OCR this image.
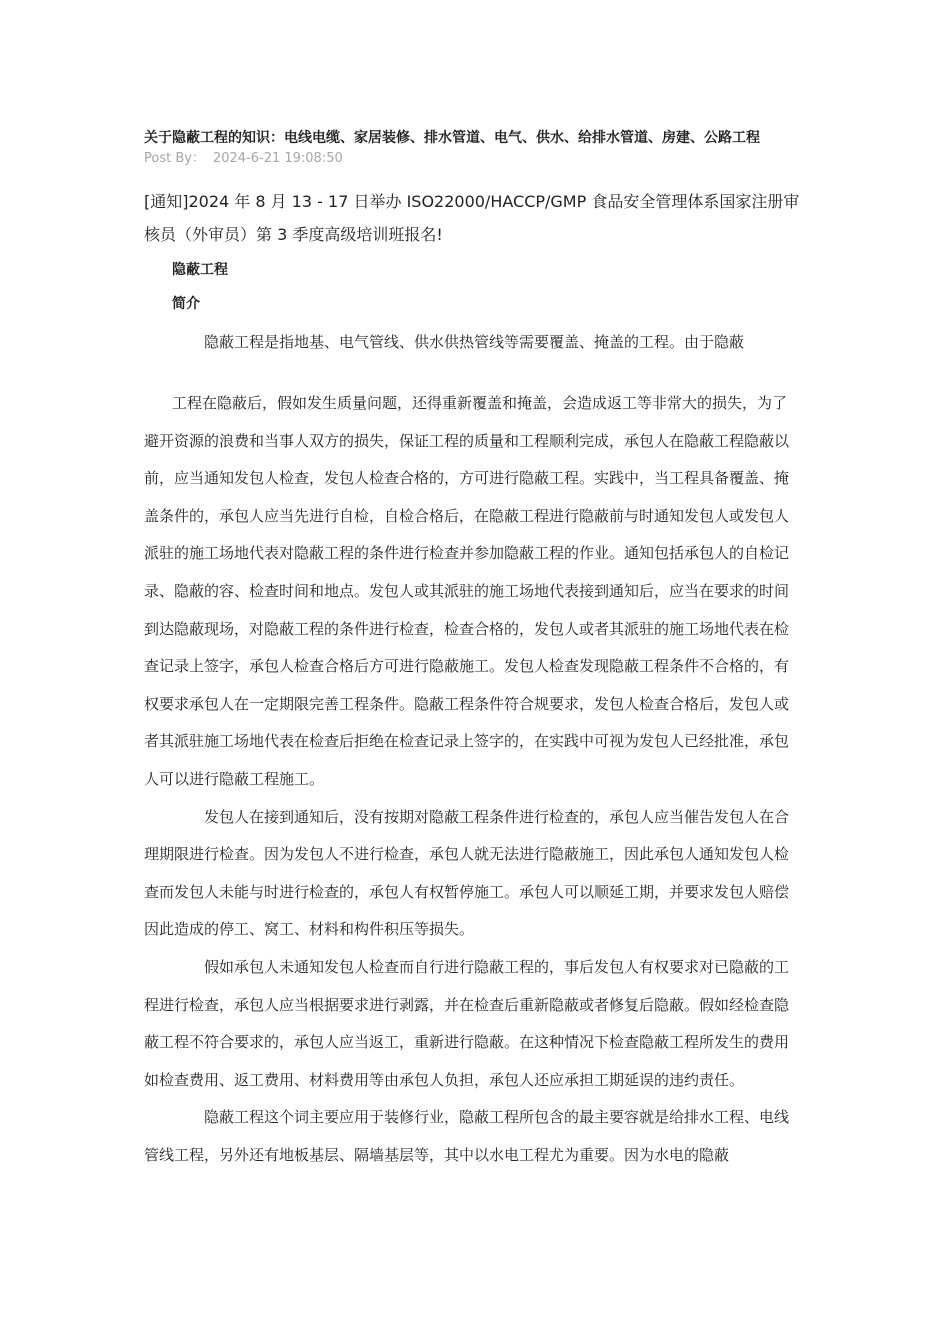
关于隐蔽工程的知识：电线电缆、家居装修、排水管道、电气、供水、给排水管道、房建、公路工程
Post By： 2024-6-21 19:08:50

[通知]2024 年 8 月 13 - 17 日举办 ISO22000/HACCP/GMP 食品安全管理体系国家注册审核员（外审员）第 3 季度高级培训班报名!

隐蔽工程
简介

隐蔽工程是指地基、电气管线、供水供热管线等需要覆盖、掩盖的工程。由于隐蔽

工程在隐蔽后，假如发生质量问题，还得重新覆盖和掩盖，会造成返工等非常大的损失，为了避开资源的浪费和当事人双方的损失，保证工程的质量和工程顺利完成，承包人在隐蔽工程隐蔽以前，应当通知发包人检查，发包人检查合格的，方可进行隐蔽工程。实践中，当工程具备覆盖、掩盖条件的，承包人应当先进行自检，自检合格后，在隐蔽工程进行隐蔽前与时通知发包人或发包人派驻的施工场地代表对隐蔽工程的条件进行检查并参加隐蔽工程的作业。通知包括承包人的自检记录、隐蔽的容、检查时间和地点。发包人或其派驻的施工场地代表接到通知后，应当在要求的时间到达隐蔽现场，对隐蔽工程的条件进行检查，检查合格的，发包人或者其派驻的施工场地代表在检查记录上签字，承包人检查合格后方可进行隐蔽施工。发包人检查发现隐蔽工程条件不合格的，有权要求承包人在一定期限完善工程条件。隐蔽工程条件符合规要求，发包人检查合格后，发包人或者其派驻施工场地代表在检查后拒绝在检查记录上签字的，在实践中可视为发包人已经批准，承包人可以进行隐蔽工程施工。

发包人在接到通知后，没有按期对隐蔽工程条件进行检查的，承包人应当催告发包人在合理期限进行检查。因为发包人不进行检查，承包人就无法进行隐蔽施工，因此承包人通知发包人检查而发包人未能与时进行检查的，承包人有权暂停施工。承包人可以顺延工期，并要求发包人赔偿因此造成的停工、窝工、材料和构件积压等损失。

假如承包人未通知发包人检查而自行进行隐蔽工程的，事后发包人有权要求对已隐蔽的工程进行检查，承包人应当根据要求进行剥露，并在检查后重新隐蔽或者修复后隐蔽。假如经检查隐蔽工程不符合要求的，承包人应当返工，重新进行隐蔽。在这种情况下检查隐蔽工程所发生的费用如检查费用、返工费用、材料费用等由承包人负担，承包人还应承担工期延误的违约责任。

隐蔽工程这个词主要应用于装修行业，隐蔽工程所包含的最主要容就是给排水工程、电线管线工程，另外还有地板基层、隔墙基层等，其中以水电工程尤为重要。因为水电的隐蔽
